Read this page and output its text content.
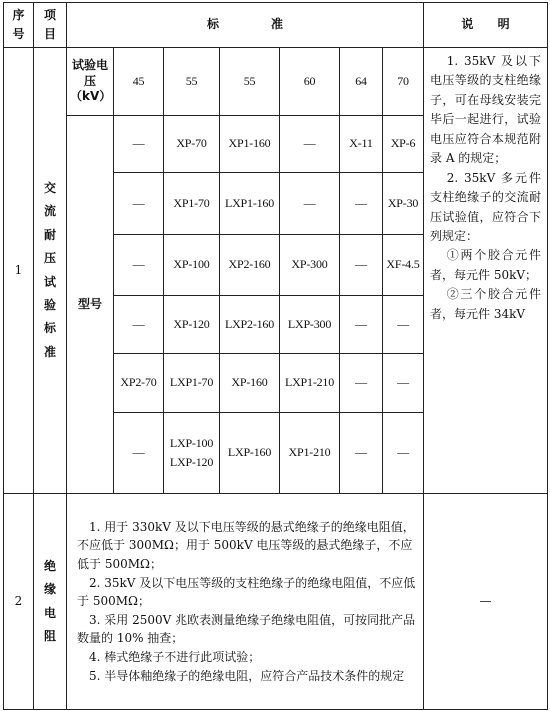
序号	项目	标准							说 明
1	交流耐压试验标准	试验电压（kV）	45	55	55	60	64	70	1. 35kV 及以下电压等级的支柱绝缘子，可在母线安装完毕后一起进行，试验电压应符合本规范附录 A 的规定；

2. 35kV 多元件支柱绝缘子的交流耐压试验值，应符合下列规定：

①两个胶合元件者，每元件 50kV；

②三个胶合元件者，每元件 34kV

		型号	—	XP-70	XP1-160	—	X-11	XP-6	
			—	XP1-70	LXP1-160	—	—	XP-30	
			—	XP-100	XP2-160	XP-300	—	XF-4.5	
			—	XP-120	LXP2-160	LXP-300	—	—	
			XP2-70	LXP1-70	XP-160	LXP1-210	—	—	
			—	LXP-100 LXP-120	LXP-160	XP1-210	—	—	
2	绝缘电阻	1. 用于 330kV 及以下电压等级的悬式绝缘子的绝缘电阻值，不应低于 300MΩ；用于 500kV 电压等级的悬式绝缘子，不应低于 500MΩ；

2. 35kV 及以下电压等级的支柱绝缘子的绝缘电阻值，不应低于 500MΩ；

3. 采用 2500V 兆欧表测量绝缘子绝缘电阻值，可按同批产品数量的 10% 抽查；

4. 棒式绝缘子不进行此项试验；

5. 半导体釉绝缘子的绝缘电阻，应符合产品技术条件的规定							—
